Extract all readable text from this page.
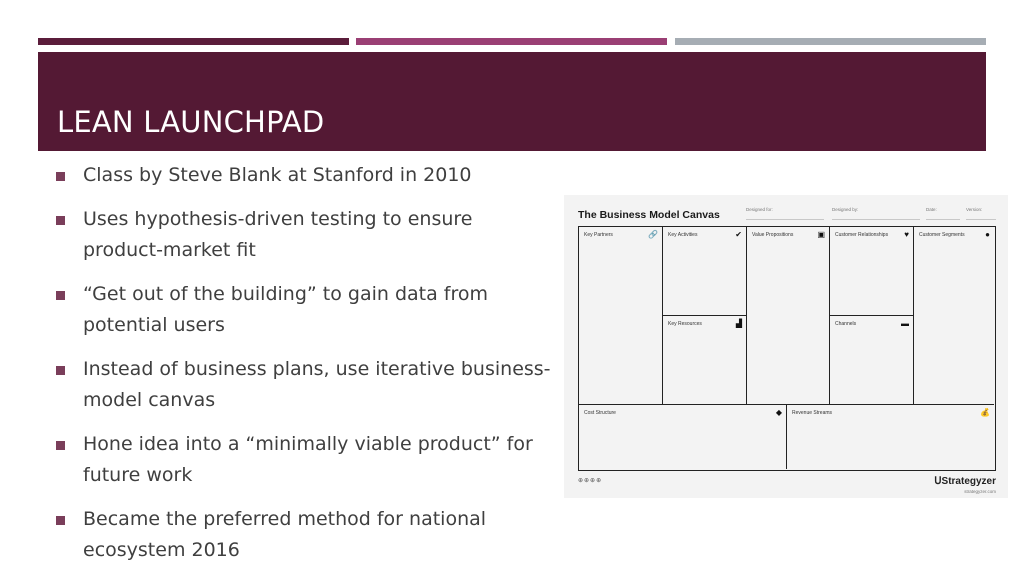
LEAN LAUNCHPAD
Class by Steve Blank at Stanford in 2010
Uses hypothesis-driven testing to ensure product-market fit
“Get out of the building” to gain data from potential users
Instead of business plans, use iterative business-model canvas
Hone idea into a “minimally viable product” for future work
Became the preferred method for national ecosystem 2016
The Business Model Canvas	Designed for:	Designed by:	Date:	Version:
Key Partners	🔗 Key Activities	✔
Key Resources	▟
Value Propositions	▣ Customer Relationships ♥
Channels	▬
Customer Segments	●
Cost Structure	◆ Revenue Streams	💰
⊕⊕⊕⊕	ᑌStrategyzer
strategyzer.com
